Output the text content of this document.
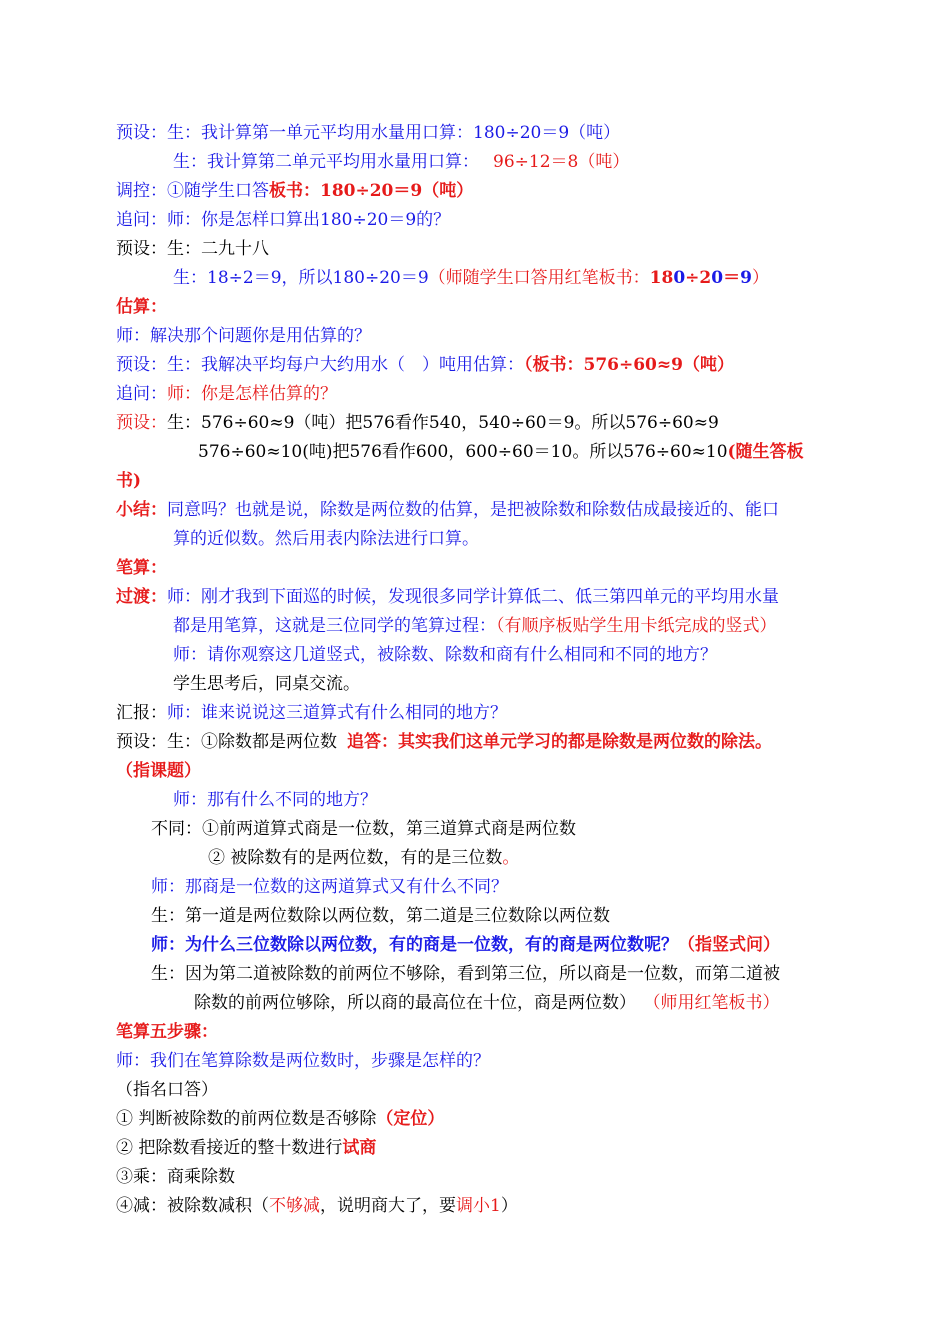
预设：生：我计算第一单元平均用水量用口算：180÷20＝9（吨）
生：我计算第二单元平均用水量用口算： 96÷12＝8（吨）
调控：①随学生口答板书：180÷20＝9（吨）
追问：师：你是怎样口算出180÷20＝9的？
预设：生：二九十八
生：18÷2＝9，所以180÷20＝9（师随学生口答用红笔板书：180÷20＝9）
估算：
师：解决那个问题你是用估算的？
预设：生：我解决平均每户大约用水（　）吨用估算：（板书：576÷60≈9（吨）
追问：师：你是怎样估算的？
预设：生：576÷60≈9（吨）把576看作540，540÷60＝9。所以576÷60≈9
576÷60≈10(吨)把576看作600，600÷60＝10。所以576÷60≈10(随生答板
书)
小结：同意吗？也就是说，除数是两位数的估算，是把被除数和除数估成最接近的、能口
算的近似数。然后用表内除法进行口算。
笔算：
过渡：师：刚才我到下面巡的时候，发现很多同学计算低二、低三第四单元的平均用水量
都是用笔算，这就是三位同学的笔算过程：（有顺序板贴学生用卡纸完成的竖式）
师：请你观察这几道竖式，被除数、除数和商有什么相同和不同的地方？
学生思考后，同桌交流。
汇报：师：谁来说说这三道算式有什么相同的地方？
预设：生：①除数都是两位数 追答：其实我们这单元学习的都是除数是两位数的除法。
（指课题）
师：那有什么不同的地方？
不同：①前两道算式商是一位数，第三道算式商是两位数
② 被除数有的是两位数，有的是三位数。
师：那商是一位数的这两道算式又有什么不同？
生：第一道是两位数除以两位数，第二道是三位数除以两位数
师：为什么三位数除以两位数，有的商是一位数，有的商是两位数呢？（指竖式问）
生：因为第二道被除数的前两位不够除，看到第三位，所以商是一位数，而第二道被
除数的前两位够除，所以商的最高位在十位，商是两位数） （师用红笔板书）
笔算五步骤：
师：我们在笔算除数是两位数时，步骤是怎样的？
（指名口答）
① 判断被除数的前两位数是否够除（定位）
② 把除数看接近的整十数进行试商
③乘：商乘除数
④减：被除数减积（不够减，说明商大了，要调小1）
